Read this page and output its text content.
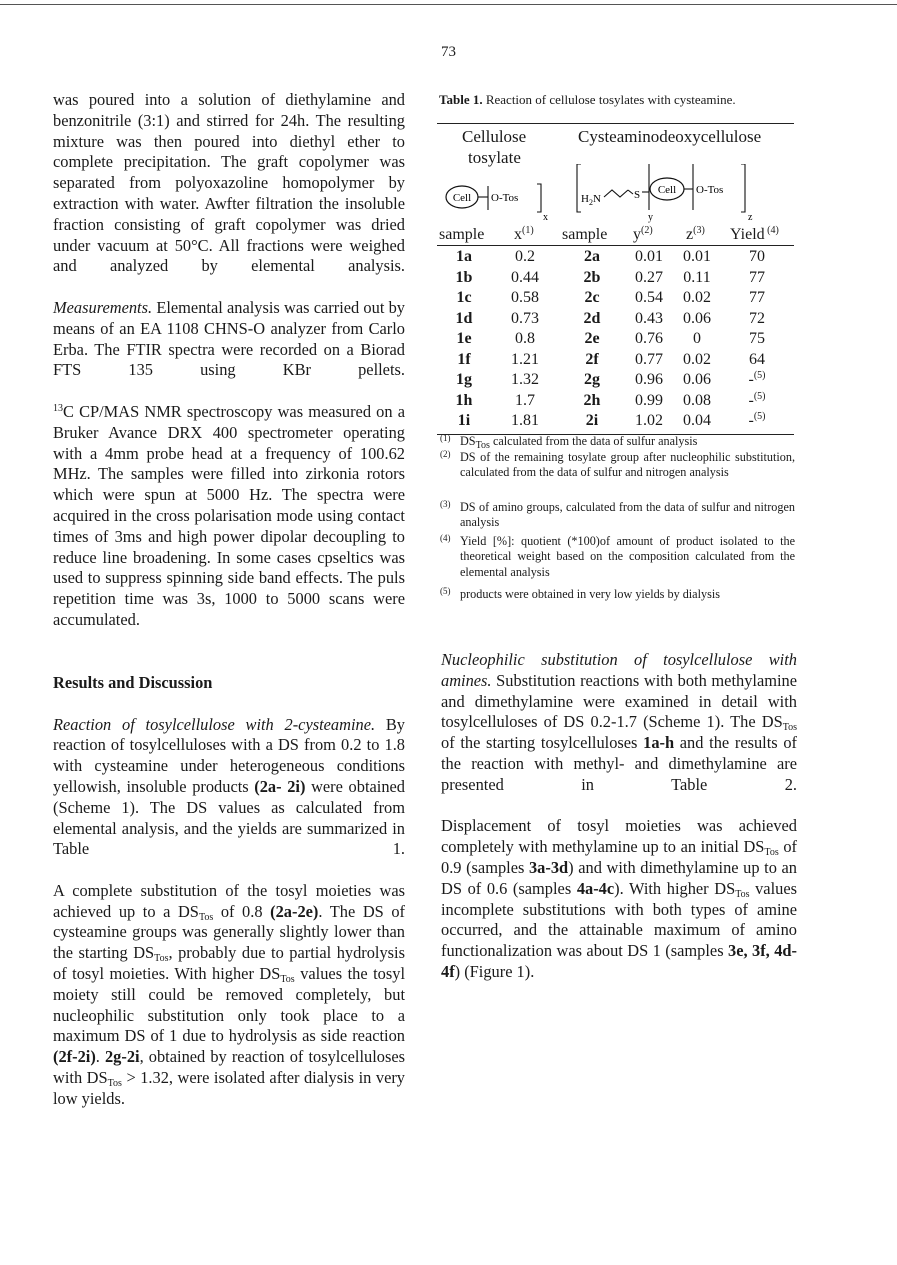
73

was poured into a solution of diethylamine and benzonitrile (3:1) and stirred for 24h. The resulting mixture was then poured into diethyl ether to complete precipitation. The graft copolymer was separated from polyoxazoline homopolymer by extraction with water. Awfter filtration the insoluble fraction consisting of graft copolymer was dried under vacuum at 50°C. All fractions were weighed and analyzed by elemental analysis.

Measurements. Elemental analysis was carried out by means of an EA 1108 CHNS-O analyzer from Carlo Erba. The FTIR spectra were recorded on a Biorad FTS 135 using KBr pellets.

$^{13}$C CP/MAS NMR spectroscopy was measured on a Bruker Avance DRX 400 spectrometer operating with a 4mm probe head at a frequency of 100.62 MHz. The samples were filled into zirkonia rotors which were spun at 5000 Hz. The spectra were acquired in the cross polarisation mode using contact times of 3ms and high power dipolar decoupling to reduce line broadening. In some cases cpseltics was used to suppress spinning side band effects. The puls repetition time was 3s, 1000 to 5000 scans were accumulated.

Results and Discussion

Reaction of tosylcellulose with 2-cysteamine. By reaction of tosylcelluloses with a DS from 0.2 to 1.8 with cysteamine under heterogeneous conditions yellowish, insoluble products (2a- 2i) were obtained (Scheme 1). The DS values as calculated from elemental analysis, and the yields are summarized in Table 1.

A complete substitution of the tosyl moieties was achieved up to a $DS_{Tos}$ of 0.8 (2a-2e). The DS of cysteamine groups was generally slightly lower than the starting $DS_{Tos}$, probably due to partial hydrolysis of tosyl moieties. With higher $DS_{Tos}$ values the tosyl moiety still could be removed completely, but nucleophilic substitution only took place to a maximum DS of 1 due to hydrolysis as side reaction (2f-2i). 2g-2i, obtained by reaction of tosylcelluloses with $DS_{Tos} > 1.32$, were isolated after dialysis in very low yields.

Table 1. Reaction of cellulose tosylates with cysteamine.
Cellulose
tosylate
Cysteaminodeoxycellulose
Cell O-Tos
x
$H_2N$	S Cell
y
O-Tos
z
sample $x^{(1)}$ sample $y^{(2)}$ $z^{(3)}$ Yield $^{(4)}$
1a	0.2	2a	0.01	0.01	70
1b	0.44	2b	0.27	0.11	77
1c	0.58	2c	0.54	0.02	77
1d	0.73	2d	0.43	0.06	72
1e	0.8	2e	0.76	0	75
1f	1.21	2f	0.77	0.02	64
1g	1.32	2g	0.96	0.06	-$^{(5)}$
1h	1.7	2h	0.99	0.08	-$^{(5)}$
1i	1.81	2i	1.02	0.04	-$^{(5)}$
(1) $DS_{Tos}$ calculated from the data of sulfur analysis
(2) DS of the remaining tosylate group after nucleophilic substitution, calculated from the data of sulfur and nitrogen analysis
(3) DS of amino groups, calculated from the data of sulfur and nitrogen analysis
(4) Yield [%]: quotient (*100)of amount of product isolated to the theoretical weight based on the composition calculated from the elemental analysis
(5) products were obtained in very low yields by dialysis

Nucleophilic substitution of tosylcellulose with amines. Substitution reactions with both methylamine and dimethylamine were examined in detail with tosylcelluloses of DS 0.2-1.7 (Scheme 1). The $DS_{Tos}$ of the starting tosylcelluloses 1a-h and the results of the reaction with methyl- and dimethylamine are presented in Table 2.

Displacement of tosyl moieties was achieved completely with methylamine up to an initial $DS_{Tos}$ of 0.9 (samples 3a-3d) and with dimethylamine up to an DS of 0.6 (samples 4a-4c). With higher $DS_{Tos}$ values incomplete substitutions with both types of amine occurred, and the attainable maximum of amino functionalization was about DS 1 (samples 3e, 3f, 4d-4f) (Figure 1).
